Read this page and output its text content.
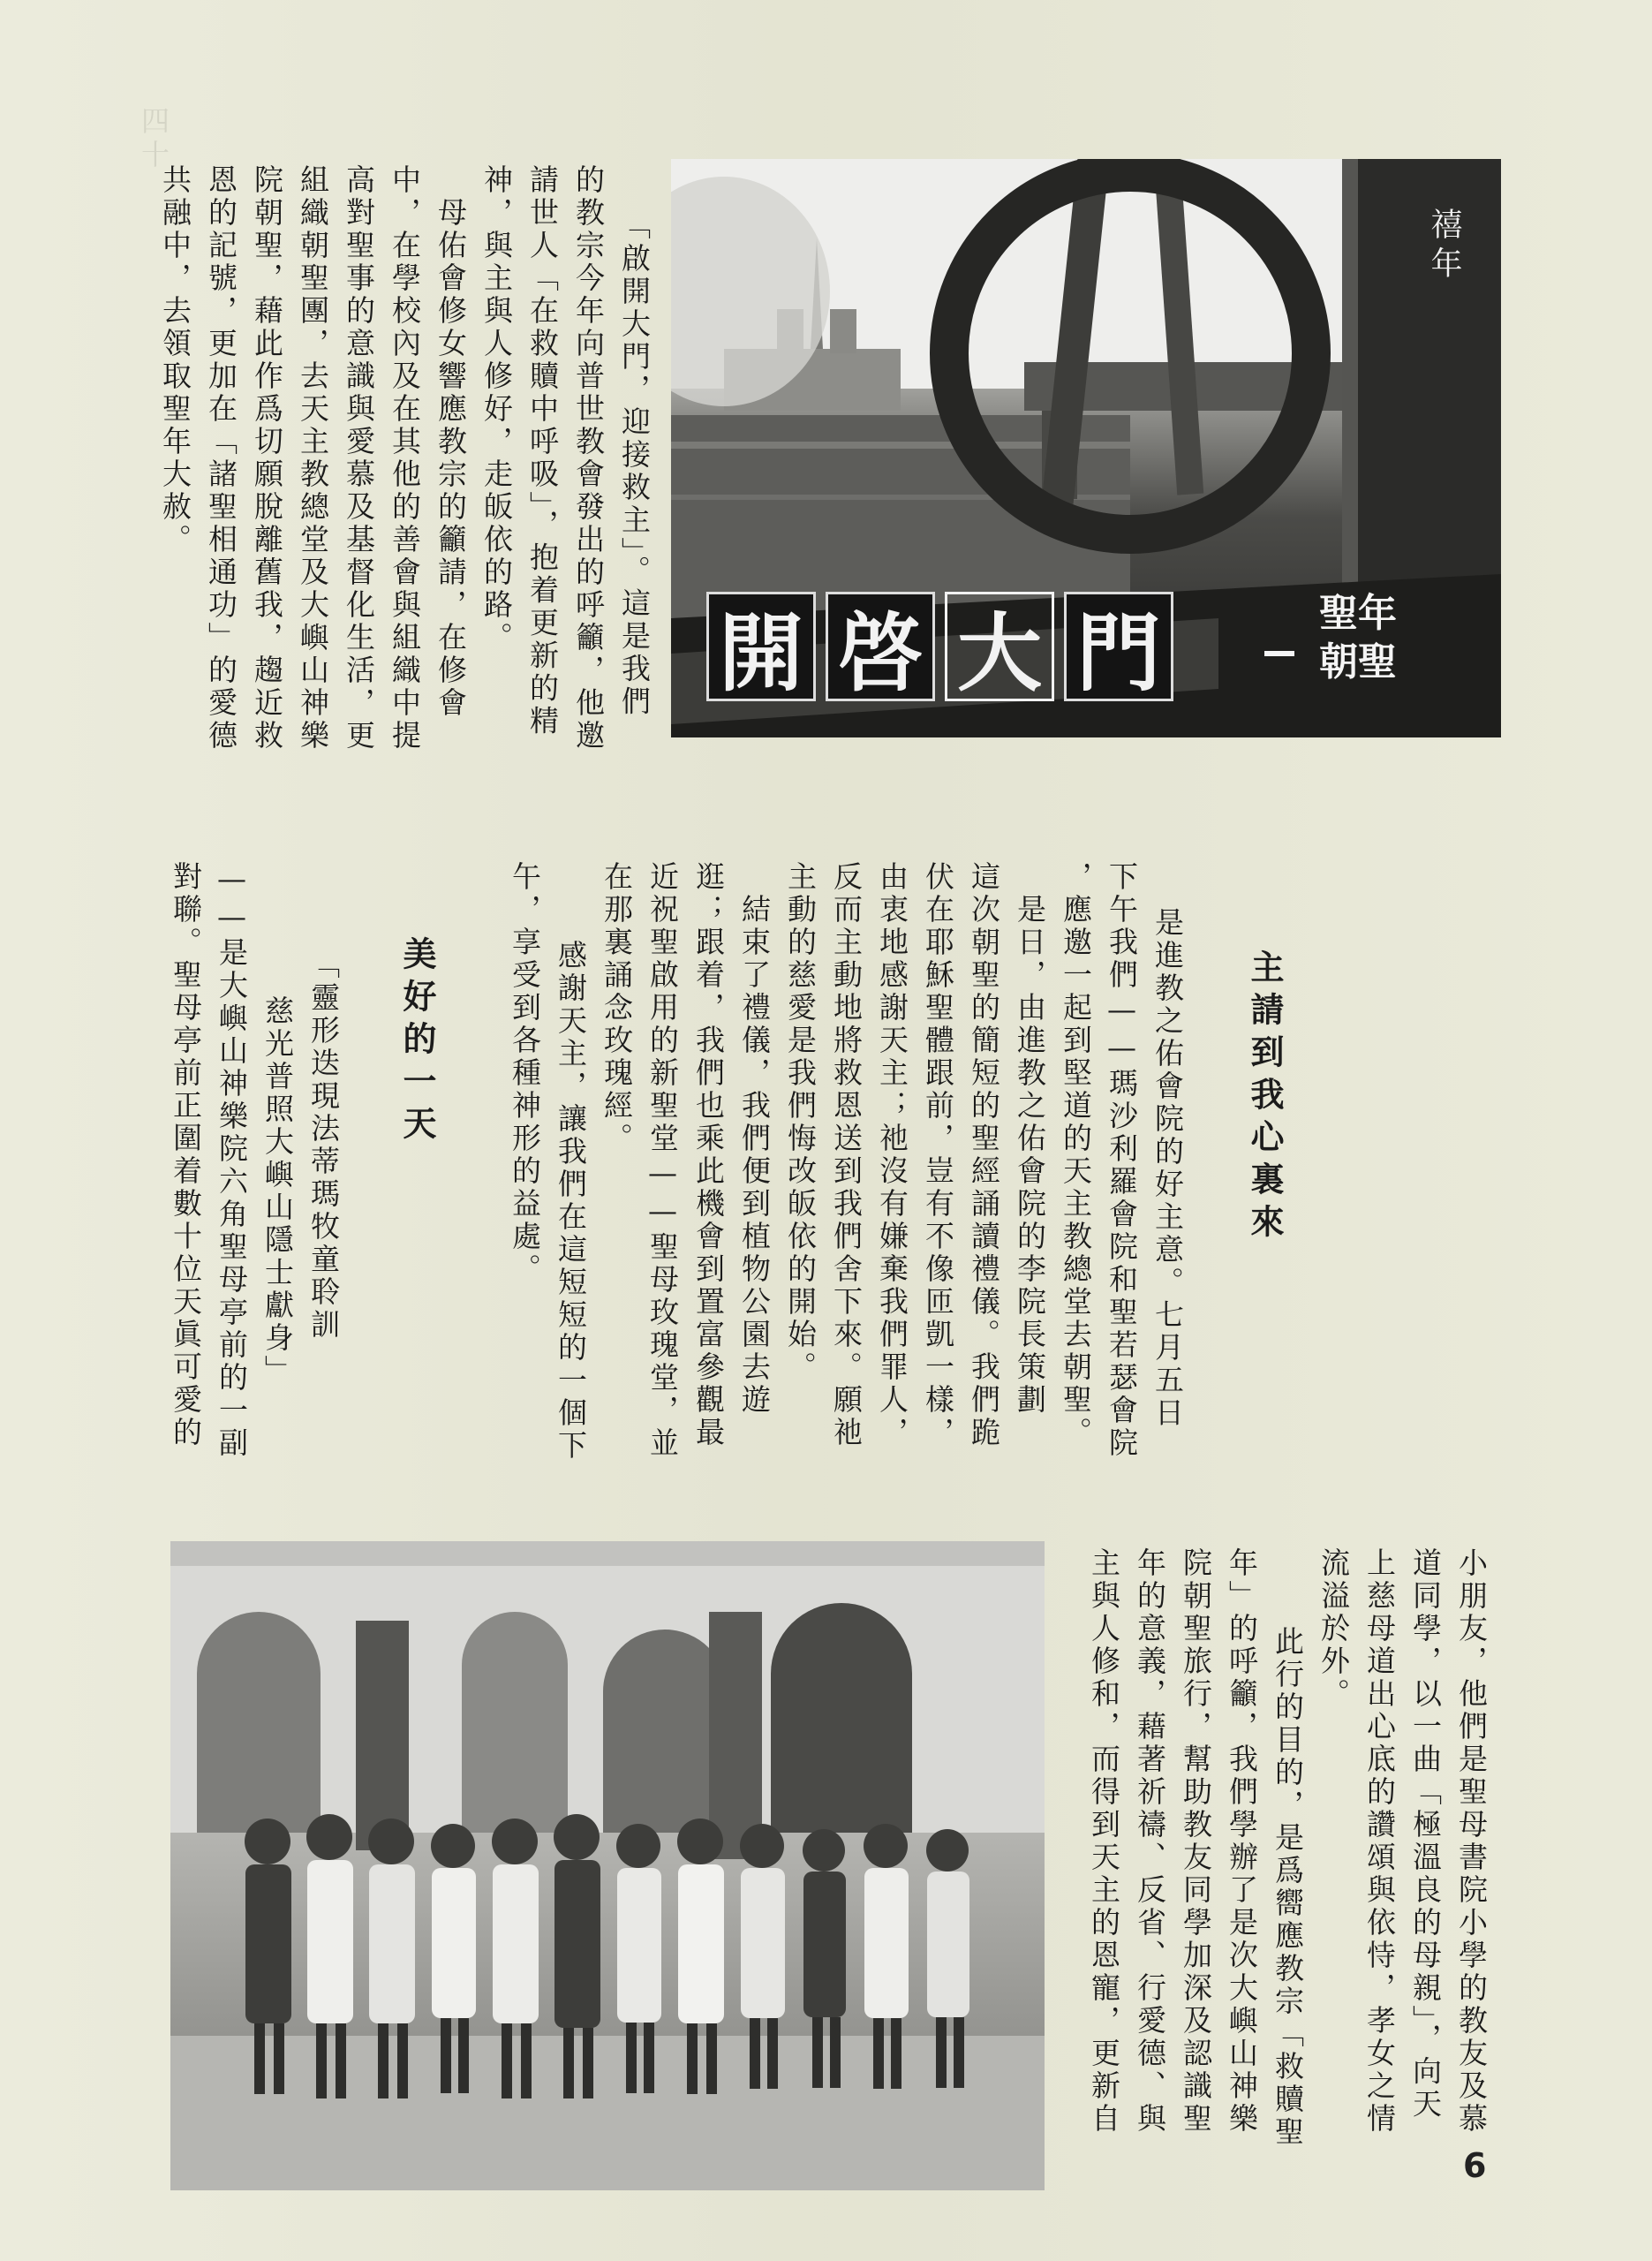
四十
禧年
開 啓 大 門	聖年
朝聖
「啟開大門，迎接救主」。這是我們
的教宗今年向普世教會發出的呼籲，他邀
請世人「在救贖中呼吸」，抱着更新的精
神，與主與人修好，走皈依的路。
　母佑會修女響應教宗的籲請，在修會
中，在學校內及在其他的善會與組織中提
高對聖事的意識與愛慕及基督化生活，更
組織朝聖團，去天主教總堂及大嶼山神樂
院朝聖，藉此作爲切願脫離舊我，趨近救
恩的記號，更加在「諸聖相通功」的愛德
共融中，去領取聖年大赦。
主請到我心裏來
是進教之佑會院的好主意。七月五日
下午我們——瑪沙利羅會院和聖若瑟會院
，應邀一起到堅道的天主教總堂去朝聖。
　是日，由進教之佑會院的李院長策劃
這次朝聖的簡短的聖經誦讀禮儀。我們跪
伏在耶穌聖體跟前，豈有不像匝凱一樣，
由衷地感謝天主；祂沒有嫌棄我們罪人，
反而主動地將救恩送到我們舍下來。願祂
主動的慈愛是我們悔改皈依的開始。
　結束了禮儀，我們便到植物公園去遊
逛；跟着，我們也乘此機會到置富參觀最
近祝聖啟用的新聖堂——聖母玫瑰堂，並
在那裏誦念玫瑰經。
　感謝天主，讓我們在這短短的一個下
午，享受到各種神形的益處。
美好的一天
「靈形迭現法蒂瑪牧童聆訓
慈光普照大嶼山隱士獻身」
——是大嶼山神樂院六角聖母亭前的一副
對聯。聖母亭前正圍着數十位天眞可愛的
小朋友，他們是聖母書院小學的教友及慕
道同學，以一曲「極溫良的母親」，向天
上慈母道出心底的讚頌與依恃，孝女之情
流溢於外。
　此行的目的，是爲嚮應教宗「救贖聖
年」的呼籲，我們學辦了是次大嶼山神樂
院朝聖旅行，幫助教友同學加深及認識聖
年的意義，藉著祈禱、反省、行愛德、與
主與人修和，而得到天主的恩寵，更新自
6
